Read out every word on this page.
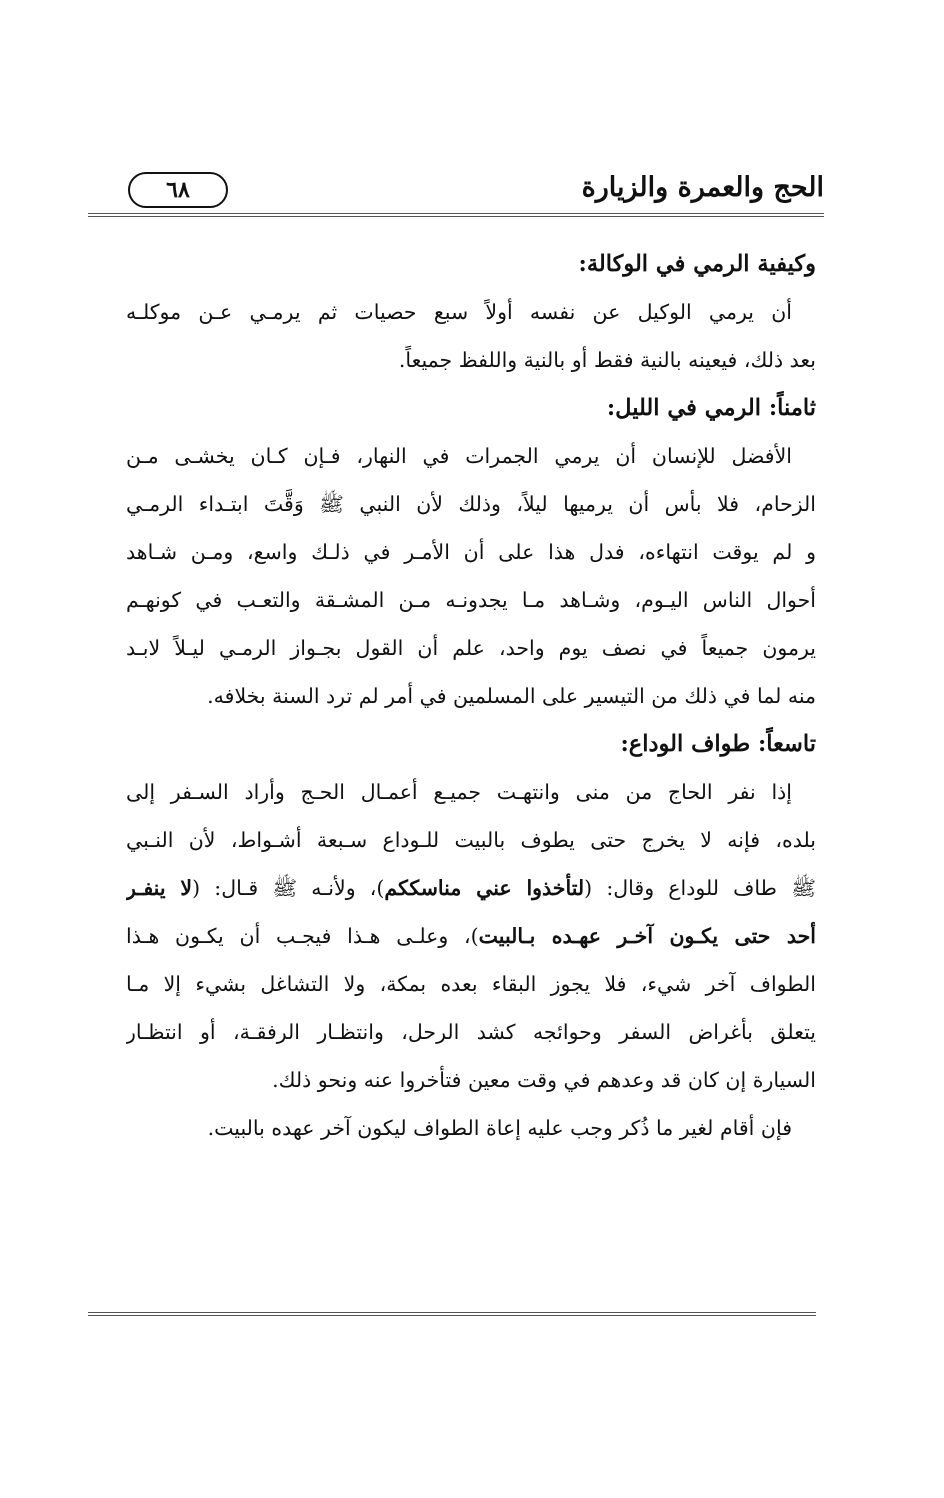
الحج والعمرة والزيارة
٦٨
وكيفية الرمي في الوكالة:
أن يرمي الوكيل عن نفسه أولاً سبع حصيات ثم يرمـي عـن موكلـه
بعد ذلك، فيعينه بالنية فقط أو بالنية واللفظ جميعاً.
ثامناً: الرمي في الليل:
الأفضل للإنسان أن يرمي الجمرات في النهار، فـإن كـان يخشـى مـن
الزحام، فلا بأس أن يرميها ليلاً، وذلك لأن النبي ﷺ وَقَّتَ ابتـداء الرمـي
و لم يوقت انتهاءه، فدل هذا على أن الأمـر في ذلـك واسع، ومـن شـاهد
أحوال الناس اليـوم، وشـاهد مـا يجدونـه مـن المشـقة والتعـب في كونهـم
يرمون جميعاً في نصف يوم واحد، علم أن القول بجـواز الرمـي ليـلاً لابـد
منه لما في ذلك من التيسير على المسلمين في أمر لم ترد السنة بخلافه.
تاسعاً: طواف الوداع:
إذا نفر الحاج من منى وانتهـت جميـع أعمـال الحـج وأراد السـفر إلى
بلده، فإنه لا يخرج حتى يطوف بالبيت للـوداع سـبعة أشـواط، لأن النـبي
ﷺ طاف للوداع وقال: (لتأخذوا عني مناسككم)، ولأنـه ﷺ قـال: (لا ينفـر
أحد حتى يكـون آخـر عهـده بـالبيت)، وعلـى هـذا فيجـب أن يكـون هـذا
الطواف آخر شيء، فلا يجوز البقاء بعده بمكة، ولا التشاغل بشيء إلا مـا
يتعلق بأغراض السفر وحوائجه كشد الرحل، وانتظـار الرفقـة، أو انتظـار
السيارة إن كان قد وعدهم في وقت معين فتأخروا عنه ونحو ذلك.
فإن أقام لغير ما ذُكر وجب عليه إعاة الطواف ليكون آخر عهده بالبيت.
